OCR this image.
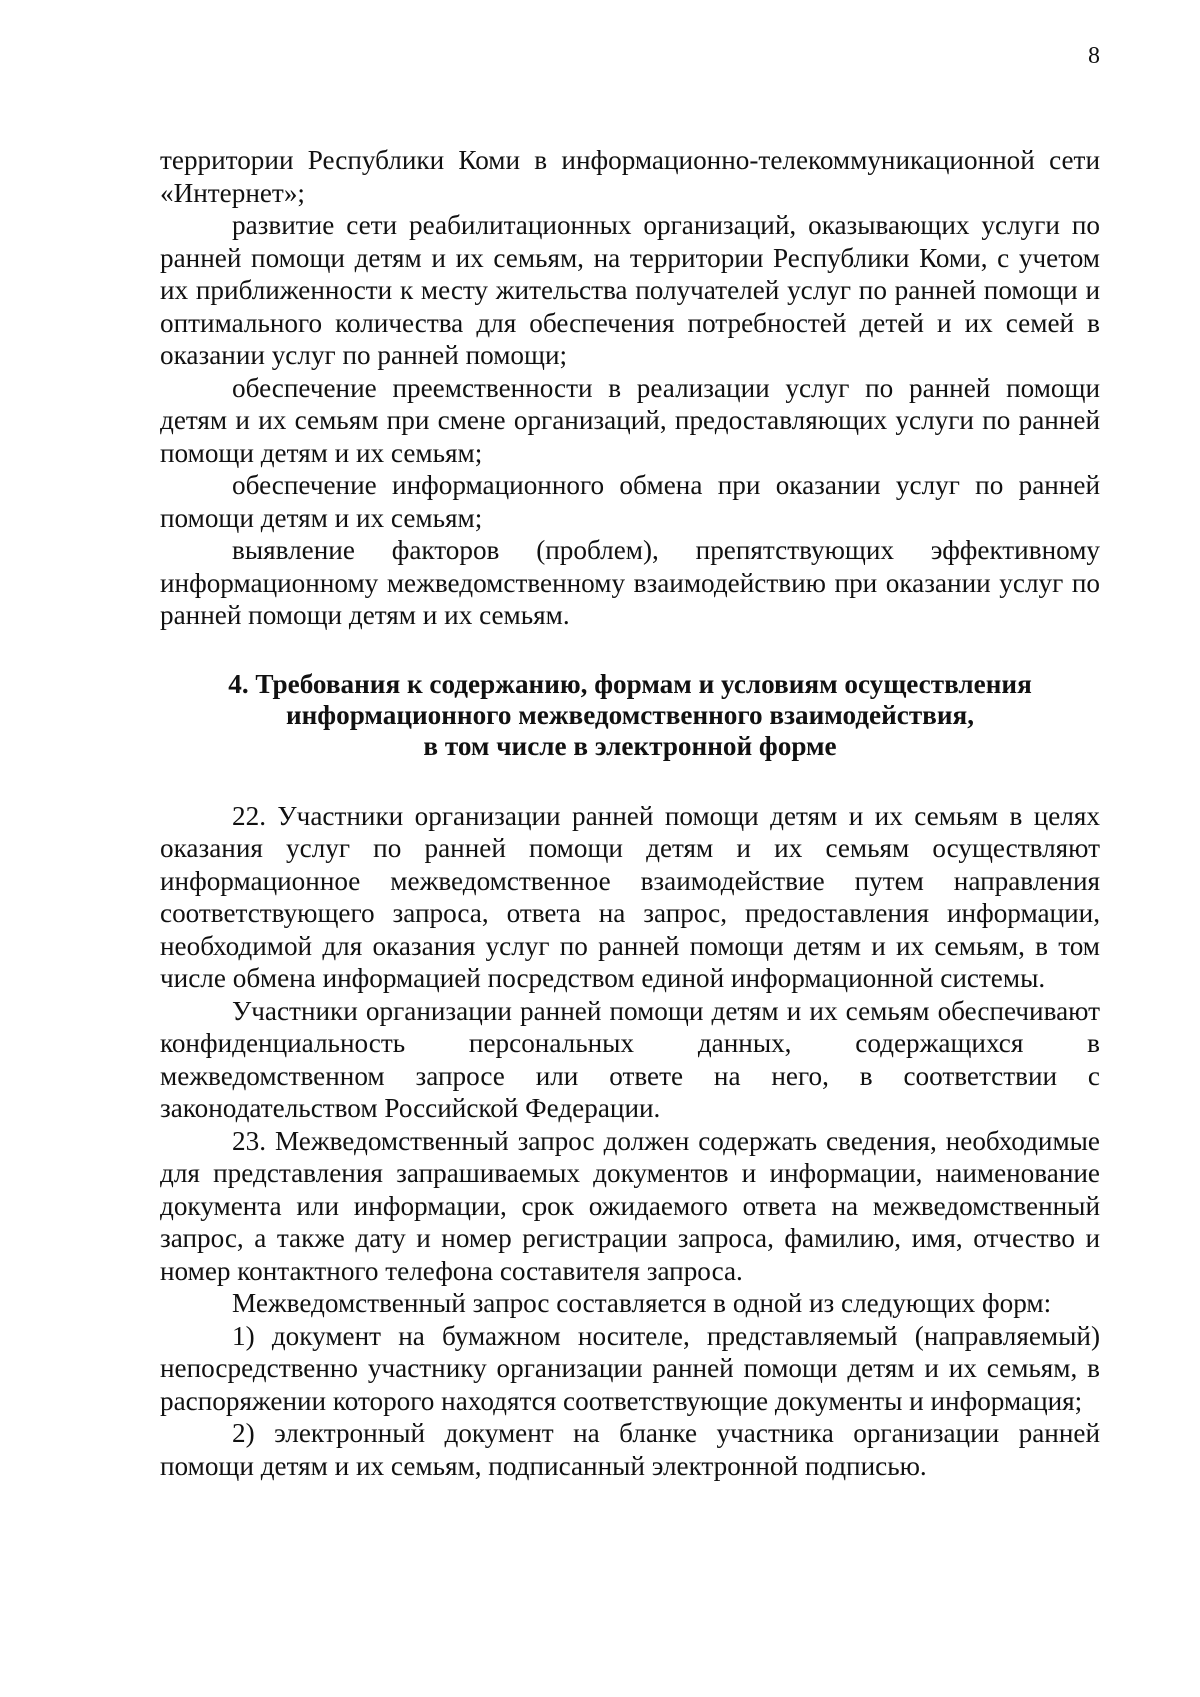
8

территории Республики Коми в информационно-телекоммуникационной сети «Интернет»;

развитие сети реабилитационных организаций, оказывающих услуги по ранней помощи детям и их семьям, на территории Республики Коми, с учетом их приближенности к месту жительства получателей услуг по ранней помощи и оптимального количества для обеспечения потребностей детей и их семей в оказании услуг по ранней помощи;

обеспечение преемственности в реализации услуг по ранней помощи детям и их семьям при смене организаций, предоставляющих услуги по ранней помощи детям и их семьям;

обеспечение информационного обмена при оказании услуг по ранней помощи детям и их семьям;

выявление факторов (проблем), препятствующих эффективному информационному межведомственному взаимодействию при оказании услуг по ранней помощи детям и их семьям.

4. Требования к содержанию, формам и условиям осуществления
информационного межведомственного взаимодействия,
в том числе в электронной форме

22. Участники организации ранней помощи детям и их семьям в целях оказания услуг по ранней помощи детям и их семьям осуществляют информационное межведомственное взаимодействие путем направления соответствующего запроса, ответа на запрос, предоставления информации, необходимой для оказания услуг по ранней помощи детям и их семьям, в том числе обмена информацией посредством единой информационной системы.

Участники организации ранней помощи детям и их семьям обеспечивают конфиденциальность персональных данных, содержащихся в межведомственном запросе или ответе на него, в соответствии с законодательством Российской Федерации.

23. Межведомственный запрос должен содержать сведения, необходимые для представления запрашиваемых документов и информации, наименование документа или информации, срок ожидаемого ответа на межведомственный запрос, а также дату и номер регистрации запроса, фамилию, имя, отчество и номер контактного телефона составителя запроса.

Межведомственный запрос составляется в одной из следующих форм:

1) документ на бумажном носителе, представляемый (направляемый) непосредственно участнику организации ранней помощи детям и их семьям, в распоряжении которого находятся соответствующие документы и информация;

2) электронный документ на бланке участника организации ранней помощи детям и их семьям, подписанный электронной подписью.
